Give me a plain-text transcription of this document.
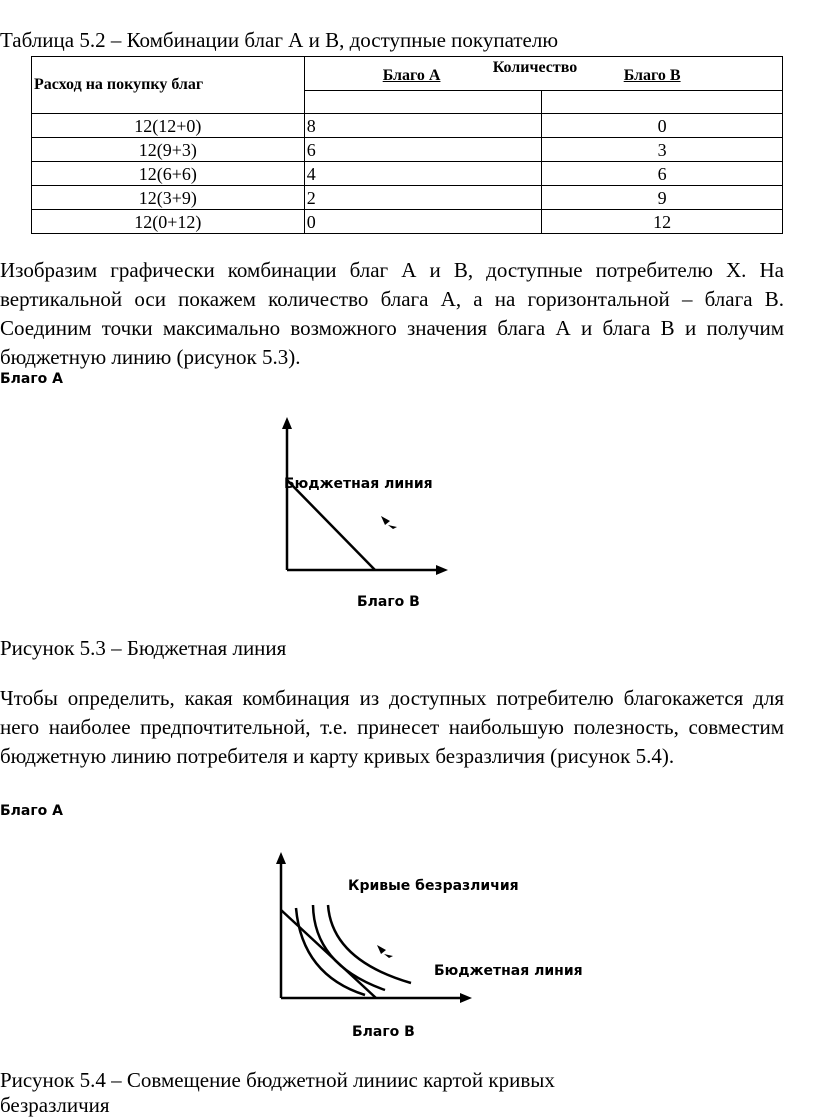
Таблица 5.2 – Комбинации благ А и В, доступные покупателю
Расход на покупку благ	Количество
Благо А Благо В	

12(12+0)	8	0
12(9+3)	6	3
12(6+6)	4	6
12(3+9)	2	9
12(0+12)	0	12
Изобразим графически комбинации благ А и В, доступные потребителю Х. На вертикальной оси покажем количество блага А, а на горизонтальной – блага В. Соединим точки максимально возможного значения блага А и блага В и получим бюджетную линию (рисунок 5.3).
Благо А
Бюджетная линия
Благо В
Рисунок 5.3 – Бюджетная линия
Чтобы определить, какая комбинация из доступных потребителю благокажется для него наиболее предпочтительной, т.е. принесет наибольшую полезность, совместим бюджетную линию потребителя и карту кривых безразличия (рисунок 5.4).
Благо А
Кривые безразличия
Бюджетная линия
Благо В
Рисунок 5.4 – Совмещение бюджетной линиис картой кривых
безразличия
